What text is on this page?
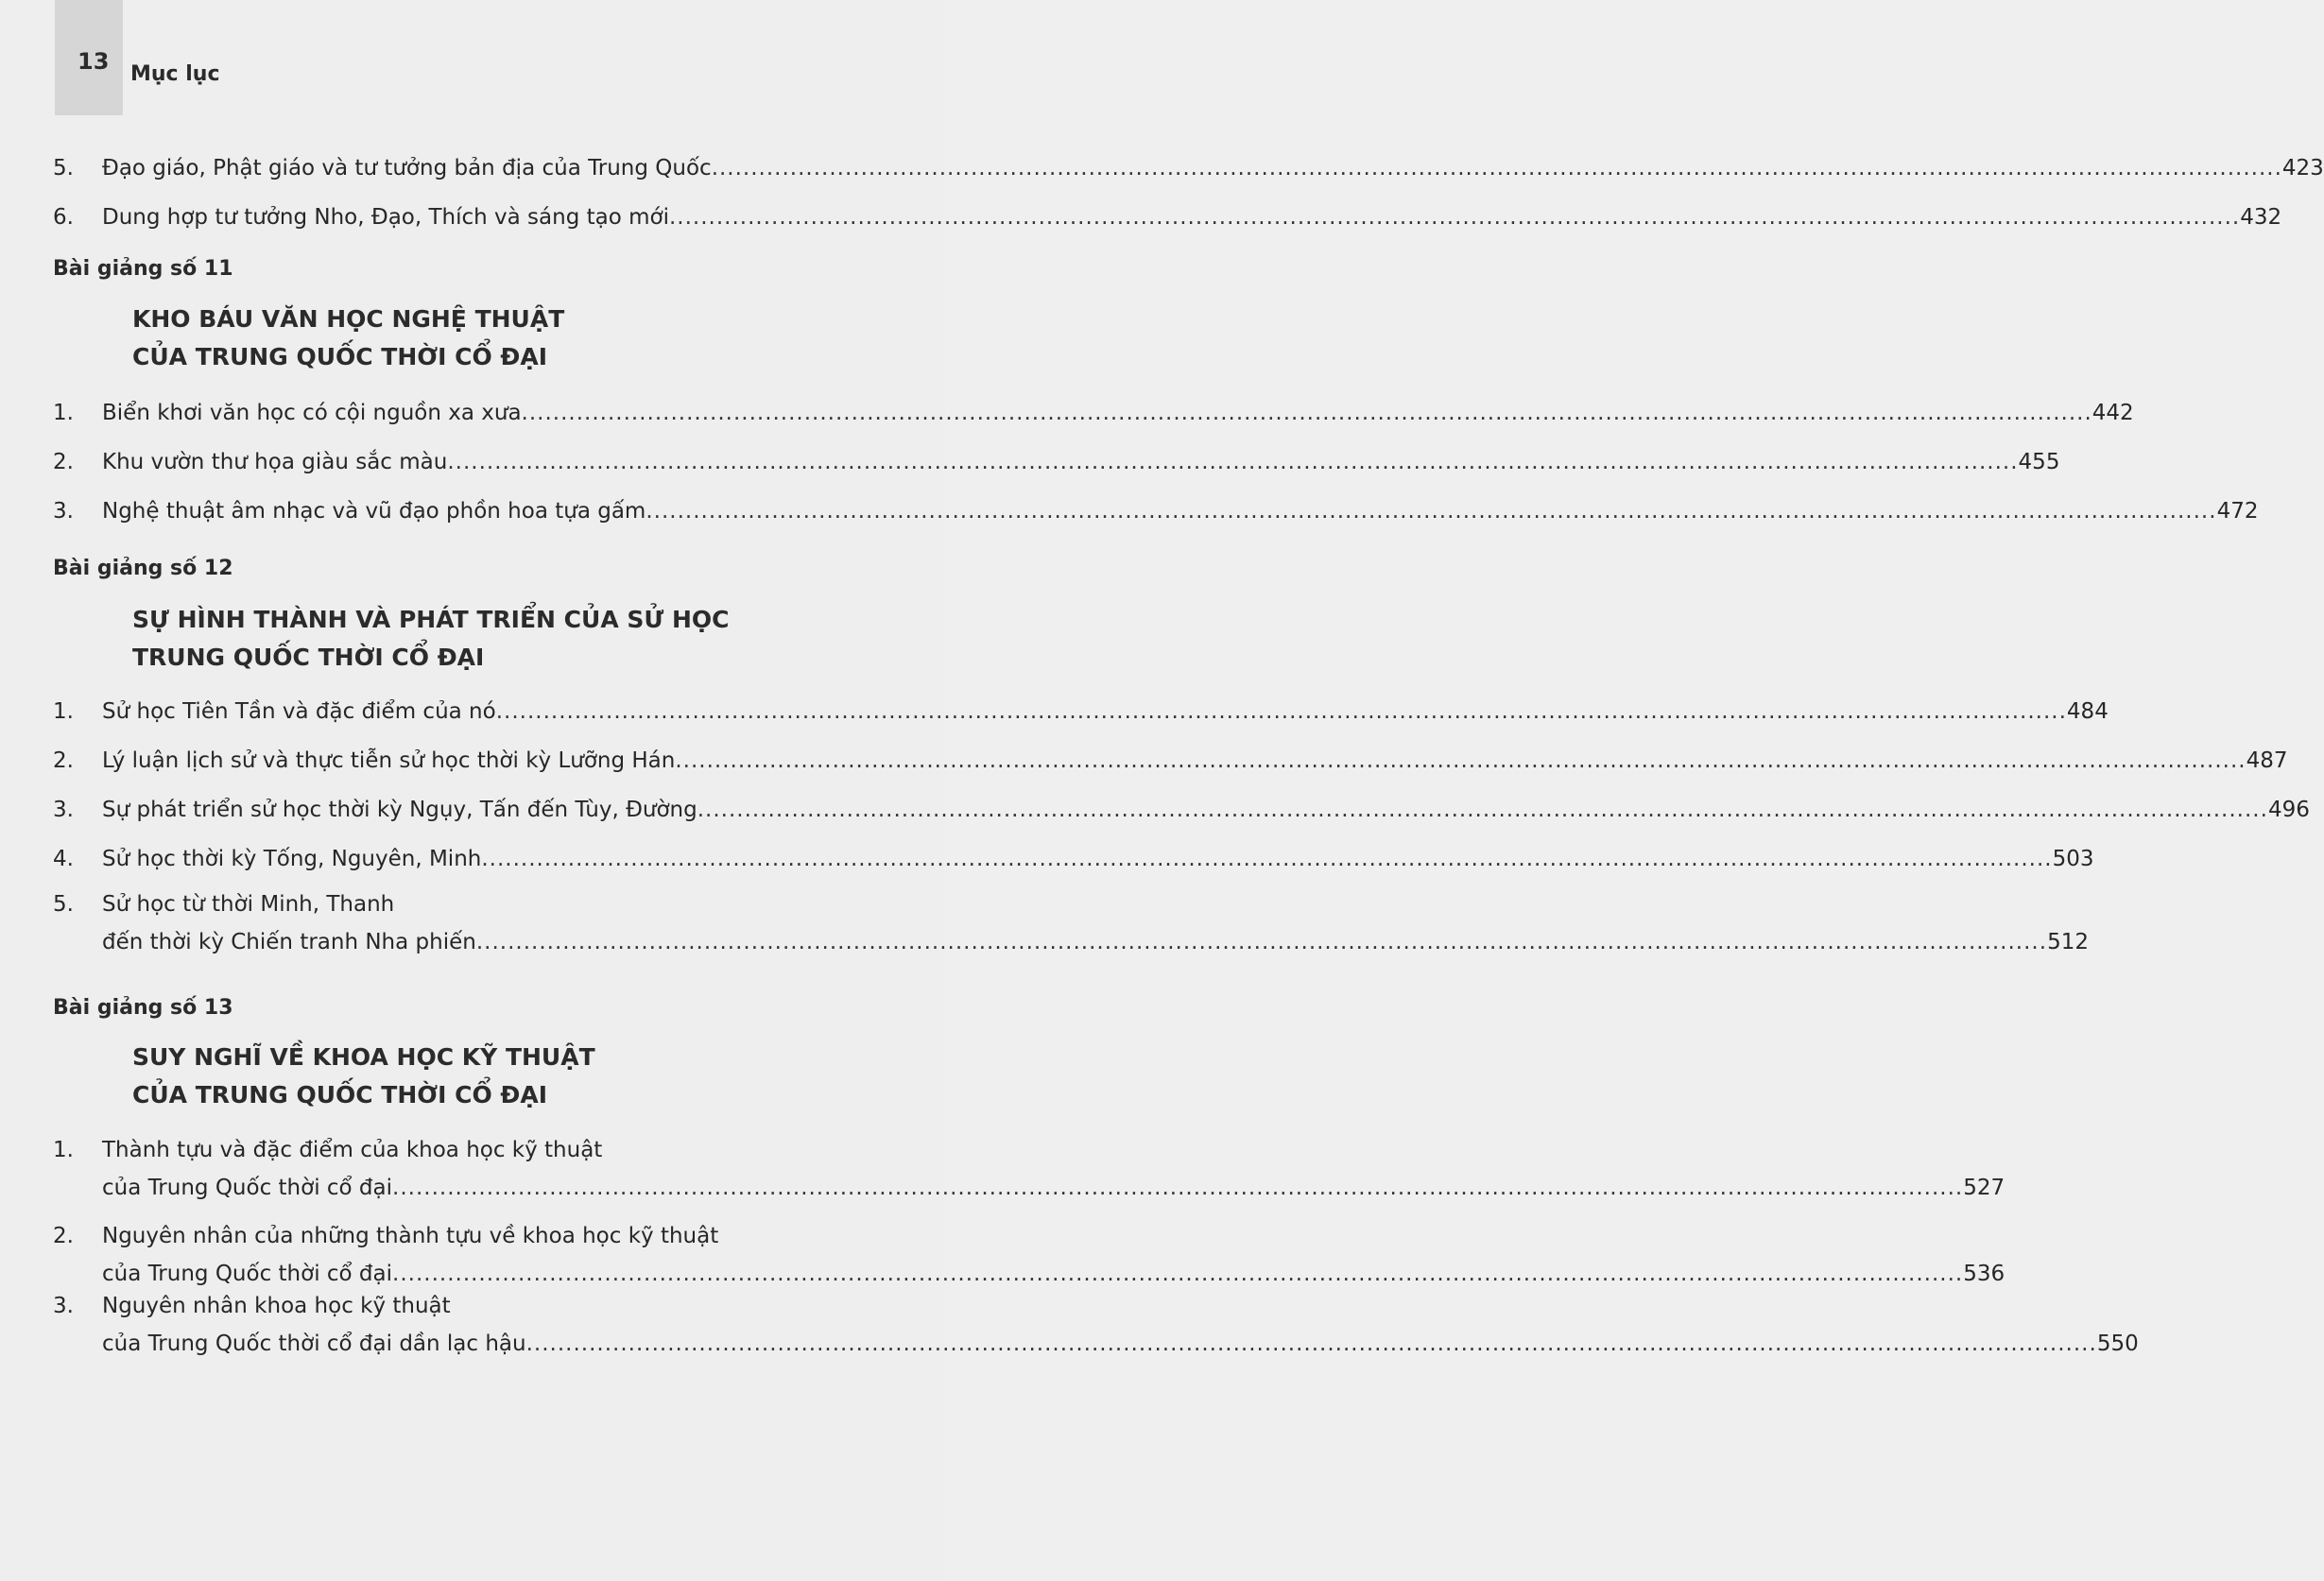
13 Mục lục
5. Đạo giáo, Phật giáo và tư tưởng bản địa của Trung Quốc ........................................................................................................................................................................................................ 423
6. Dung hợp tư tưởng Nho, Đạo, Thích và sáng tạo mới ........................................................................................................................................................................................................ 432
Bài giảng số 11
KHO BÁU VĂN HỌC NGHỆ THUẬT
CỦA TRUNG QUỐC THỜI CỔ ĐẠI
1. Biển khơi văn học có cội nguồn xa xưa ........................................................................................................................................................................................................ 442
2. Khu vườn thư họa giàu sắc màu ........................................................................................................................................................................................................ 455
3. Nghệ thuật âm nhạc và vũ đạo phồn hoa tựa gấm ........................................................................................................................................................................................................ 472
Bài giảng số 12
SỰ HÌNH THÀNH VÀ PHÁT TRIỂN CỦA SỬ HỌC
TRUNG QUỐC THỜI CỔ ĐẠI
1. Sử học Tiên Tần và đặc điểm của nó ........................................................................................................................................................................................................ 484
2. Lý luận lịch sử và thực tiễn sử học thời kỳ Lưỡng Hán ........................................................................................................................................................................................................ 487
3. Sự phát triển sử học thời kỳ Ngụy, Tấn đến Tùy, Đường ........................................................................................................................................................................................................ 496
4. Sử học thời kỳ Tống, Nguyên, Minh ........................................................................................................................................................................................................ 503
5. Sử học từ thời Minh, Thanh
đến thời kỳ Chiến tranh Nha phiến ........................................................................................................................................................................................................ 512
Bài giảng số 13
SUY NGHĨ VỀ KHOA HỌC KỸ THUẬT
CỦA TRUNG QUỐC THỜI CỔ ĐẠI
1. Thành tựu và đặc điểm của khoa học kỹ thuật
của Trung Quốc thời cổ đại ........................................................................................................................................................................................................ 527
2. Nguyên nhân của những thành tựu về khoa học kỹ thuật
của Trung Quốc thời cổ đại ........................................................................................................................................................................................................ 536
3. Nguyên nhân khoa học kỹ thuật
của Trung Quốc thời cổ đại dần lạc hậu ........................................................................................................................................................................................................ 550
